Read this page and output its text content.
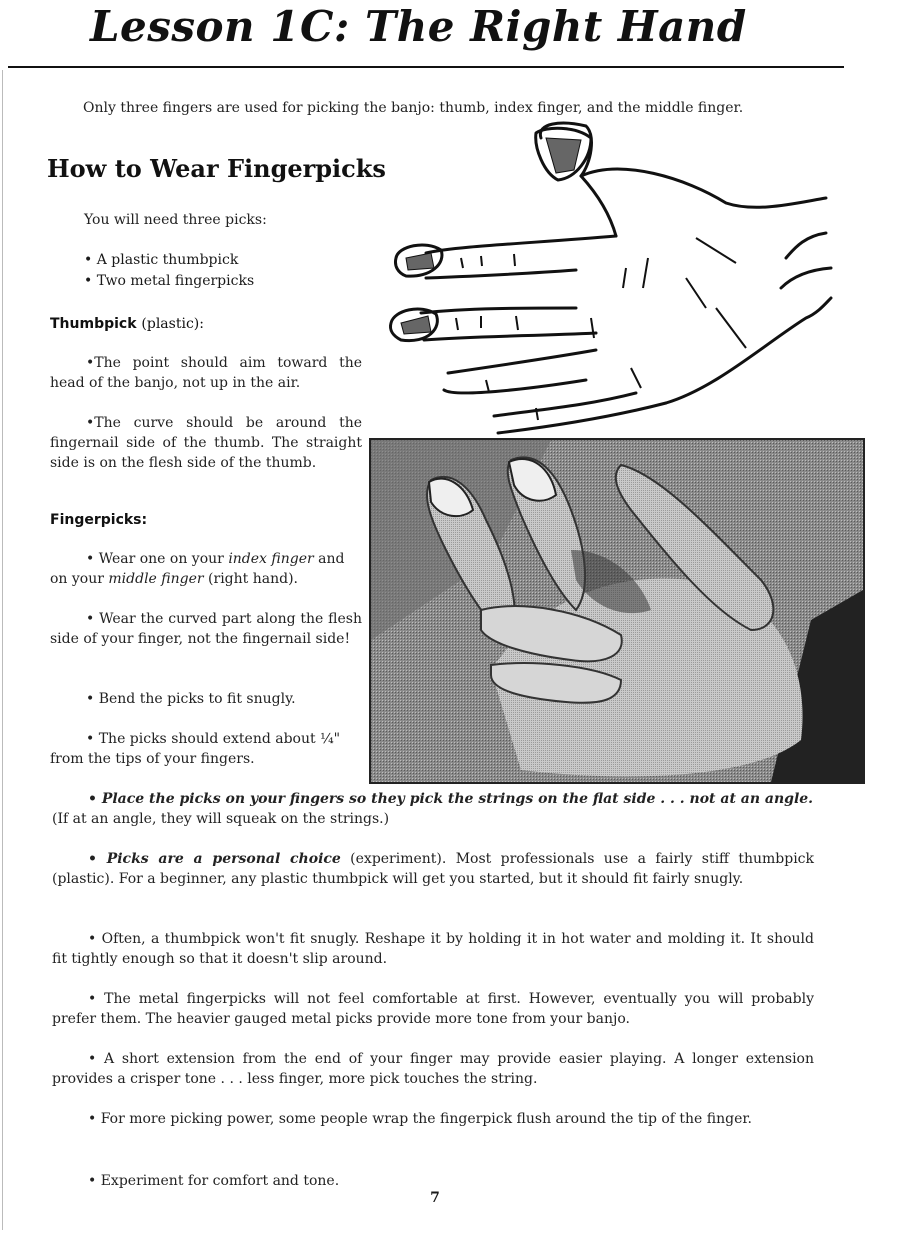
Lesson 1C: The Right Hand

Only three fingers are used for picking the banjo: thumb, index finger, and the middle finger.

How to Wear Fingerpicks

You will need three picks:

• A plastic thumbpick
• Two metal fingerpicks
Thumbpick (plastic):

•The point should aim toward the head of the banjo, not up in the air.

•The curve should be around the fingernail side of the thumb. The straight side is on the flesh side of the thumb.

Fingerpicks:

• Wear one on your index finger and on your middle finger (right hand).

• Wear the curved part along the flesh side of your finger, not the fingernail side!

• Bend the picks to fit snugly.

• The picks should extend about ¼" from the tips of your fingers.

• Place the picks on your fingers so they pick the strings on the flat side . . . not at an angle. (If at an angle, they will squeak on the strings.)

• Picks are a personal choice (experiment). Most professionals use a fairly stiff thumbpick (plastic). For a beginner, any plastic thumbpick will get you started, but it should fit fairly snugly.

• Often, a thumbpick won't fit snugly. Reshape it by holding it in hot water and molding it. It should fit tightly enough so that it doesn't slip around.

• The metal fingerpicks will not feel comfortable at first. However, eventually you will probably prefer them. The heavier gauged metal picks provide more tone from your banjo.

• A short extension from the end of your finger may provide easier playing. A longer extension provides a crisper tone . . . less finger, more pick touches the string.

• For more picking power, some people wrap the fingerpick flush around the tip of the finger.

• Experiment for comfort and tone.

7
